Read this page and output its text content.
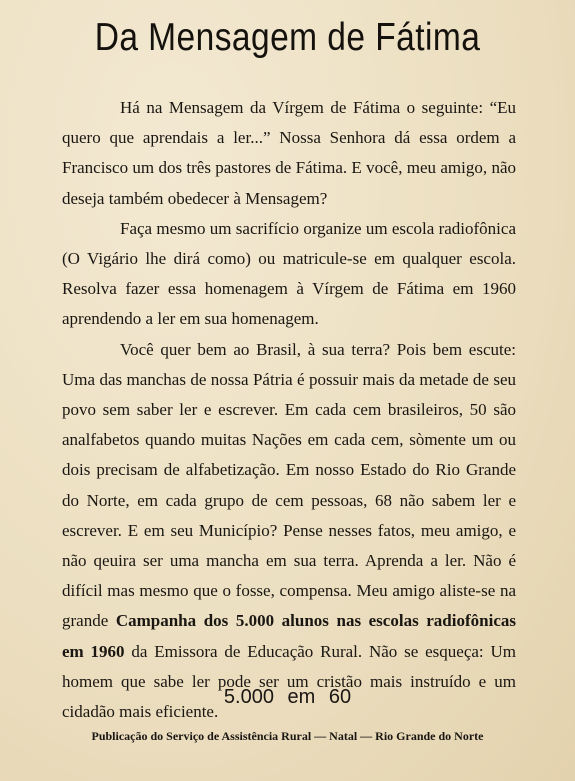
Da Mensagem de Fátima

Há na Mensagem da Vírgem de Fátima o seguinte: “Eu quero que aprendais a ler...” Nossa Senhora dá essa ordem a Francisco um dos três pastores de Fátima. E você, meu amigo, não deseja também obedecer à Mensagem?

Faça mesmo um sacrifício organize um escola radiofônica (O Vigário lhe dirá como) ou matricule-se em qualquer escola. Resolva fazer essa homenagem à Vírgem de Fátima em 1960 aprendendo a ler em sua homenagem.

Você quer bem ao Brasil, à sua terra? Pois bem escute: Uma das manchas de nossa Pátria é possuir mais da metade de seu povo sem saber ler e escrever. Em cada cem brasileiros, 50 são analfabetos quando muitas Nações em cada cem, sòmente um ou dois precisam de alfabetização. Em nosso Estado do Rio Grande do Norte, em cada grupo de cem pessoas, 68 não sabem ler e escrever. E em seu Município? Pense nesses fatos, meu amigo, e não qeuira ser uma mancha em sua terra. Aprenda a ler. Não é difícil mas mesmo que o fosse, compensa. Meu amigo aliste-se na grande Campanha dos 5.000 alunos nas escolas radiofônicas em 1960 da Emissora de Educação Rural. Não se esqueça: Um homem que sabe ler pode ser um cristão mais instruído e um cidadão mais eficiente.

5.000 em 60
Publicação do Serviço de Assistência Rural — Natal — Rio Grande do Norte
